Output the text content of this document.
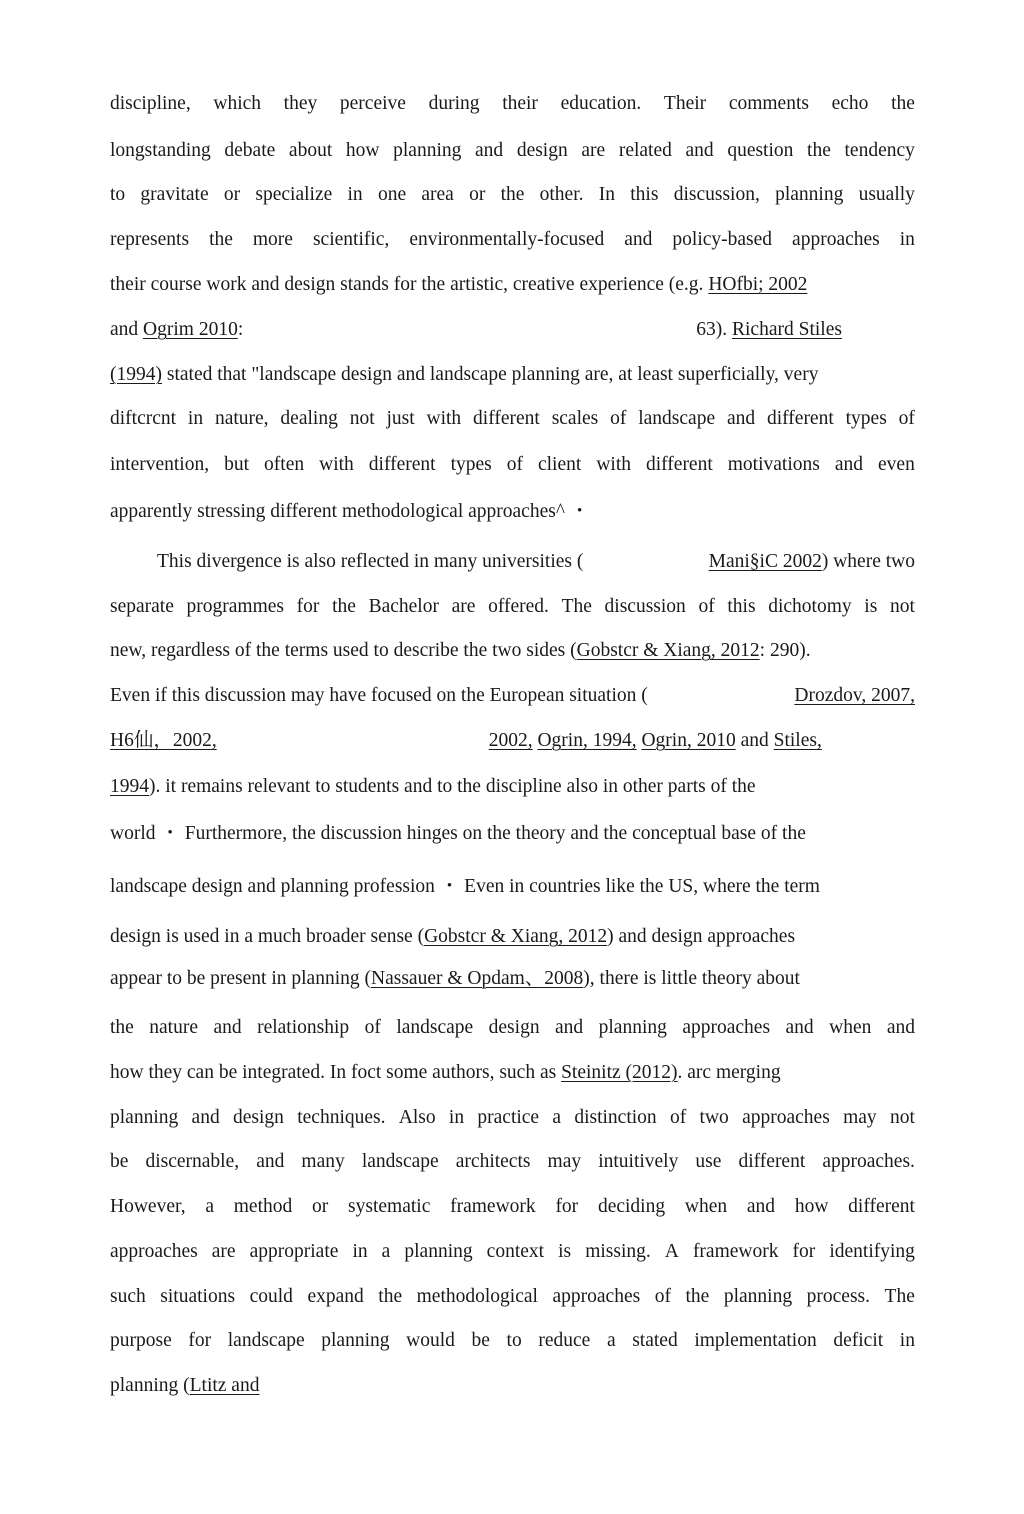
discipline, which they perceive during their education. Their comments echo the
longstanding debate about how planning and design are related and question the tendency
to gravitate or specialize in one area or the other. In this discussion, planning usually
represents the more scientific, environmentally-focused and policy-based approaches in
their course work and design stands for the artistic, creative experience (e.g. HOfbi; 2002
and Ogrim 2010:	63). Richard Stiles
(1994) stated that "landscape design and landscape planning are, at least superficially, very
diftcrcnt in nature, dealing not just with different scales of landscape and different types of
intervention, but often with different types of client with different motivations and even
apparently stressing different methodological approaches^ ・
This divergence is also reflected in many universities (	Mani§iC 2002) where two
separate programmes for the Bachelor are offered. The discussion of this dichotomy is not
new, regardless of the terms used to describe the two sides (Gobstcr & Xiang, 2012: 290).
Even if this discussion may have focused on the European situation (	Drozdov, 2007,
H6仙，2002,	2002, Ogrin, 1994, Ogrin, 2010 and Stiles,
1994). it remains relevant to students and to the discipline also in other parts of the
world ・ Furthermore, the discussion hinges on the theory and the conceptual base of the
landscape design and planning profession ・ Even in countries like the US, where the term
design is used in a much broader sense (Gobstcr & Xiang, 2012) and design approaches
appear to be present in planning (Nassauer & Opdam、2008), there is little theory about
the nature and relationship of landscape design and planning approaches and when and
how they can be integrated. In foct some authors, such as Steinitz (2012). arc merging
planning and design techniques. Also in practice a distinction of two approaches may not
be discernable, and many landscape architects may intuitively use different approaches.
However, a method or systematic framework for deciding when and how different
approaches are appropriate in a planning context is missing. A framework for identifying
such situations could expand the methodological approaches of the planning process. The
purpose for landscape planning would be to reduce a stated implementation deficit in
planning (Ltitz and
